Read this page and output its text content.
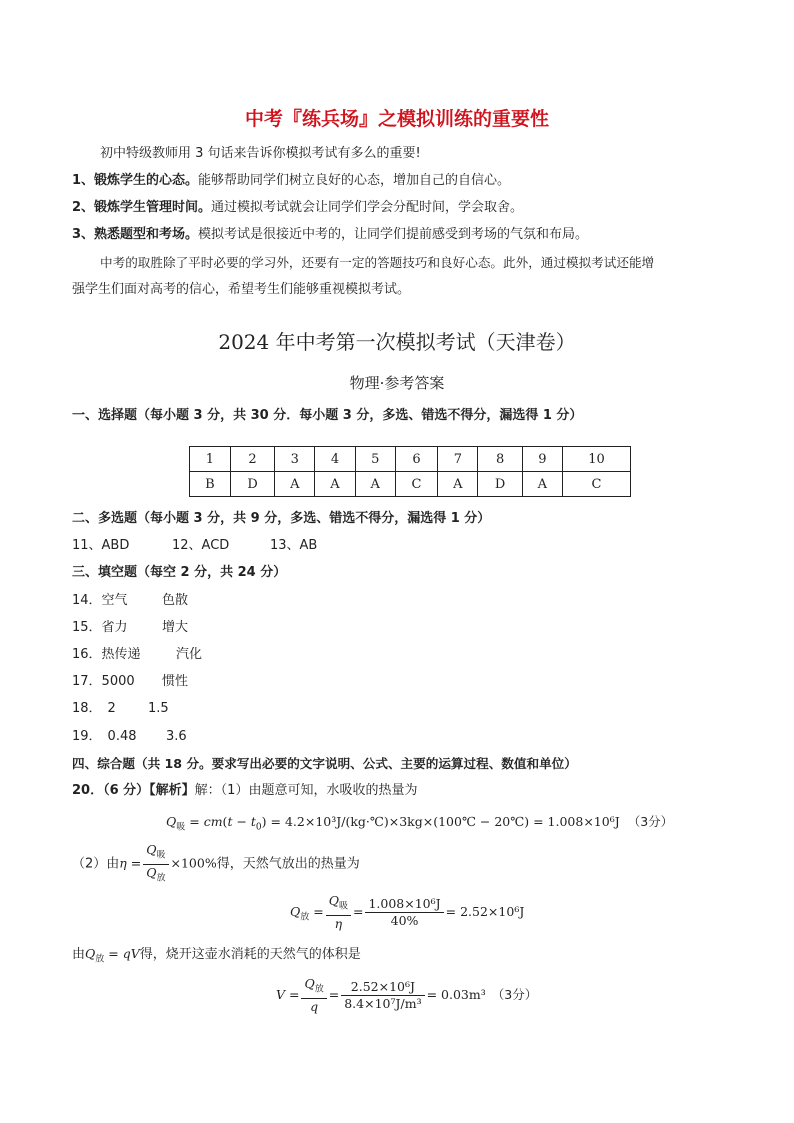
中考『练兵场』之模拟训练的重要性
初中特级教师用 3 句话来告诉你模拟考试有多么的重要!
1、锻炼学生的心态。能够帮助同学们树立良好的心态，增加自己的自信心。
2、锻炼学生管理时间。通过模拟考试就会让同学们学会分配时间，学会取舍。
3、熟悉题型和考场。模拟考试是很接近中考的，让同学们提前感受到考场的气氛和布局。
中考的取胜除了平时必要的学习外，还要有一定的答题技巧和良好心态。此外，通过模拟考试还能增
强学生们面对高考的信心，希望考生们能够重视模拟考试。
2024 年中考第一次模拟考试（天津卷）
物理·参考答案
一、选择题（每小题 3 分，共 30 分．每小题 3 分，多选、错选不得分，漏选得 1 分）
1	2	3	4	5	6	7	8	9	10
B	D	A	A	A	C	A	D	A	C
二、多选题（每小题 3 分，共 9 分，多选、错选不得分，漏选得 1 分）
11、ABD	12、ACD	13、AB
三、填空题（每空 2 分，共 24 分）
14．空气	色散
15．省力	增大
16．热传递	汽化
17．5000 惯性
18． 2 1.5
19． 0.48 3.6
四、综合题（共 18 分。要求写出必要的文字说明、公式、主要的运算过程、数值和单位）
20．（6 分）【解析】解：（1）由题意可知，水吸收的热量为
$Q_吸 = cm(t - t_0)$ = 4.2×10³J/(kg·℃)×3kg×(100℃ − 20℃) = 1.008×10⁶J （3分）
（2）由$\eta = \frac{Q_吸}{Q_放} \times 100\%$得，天然气放出的热量为
$Q_放 = \frac{Q_吸}{\eta} = \frac{\text{1.008×10⁶J}}{40\%} = 2.52\times 10^6J$
由$Q_放$ = qV得，烧开这壶水消耗的天然气的体积是
$V = \frac{Q_放}{q} = \frac{\text{2.52×10⁶J}}{\text{8.4×10⁷J/m³}} = 0.03m^3$ （3分）
